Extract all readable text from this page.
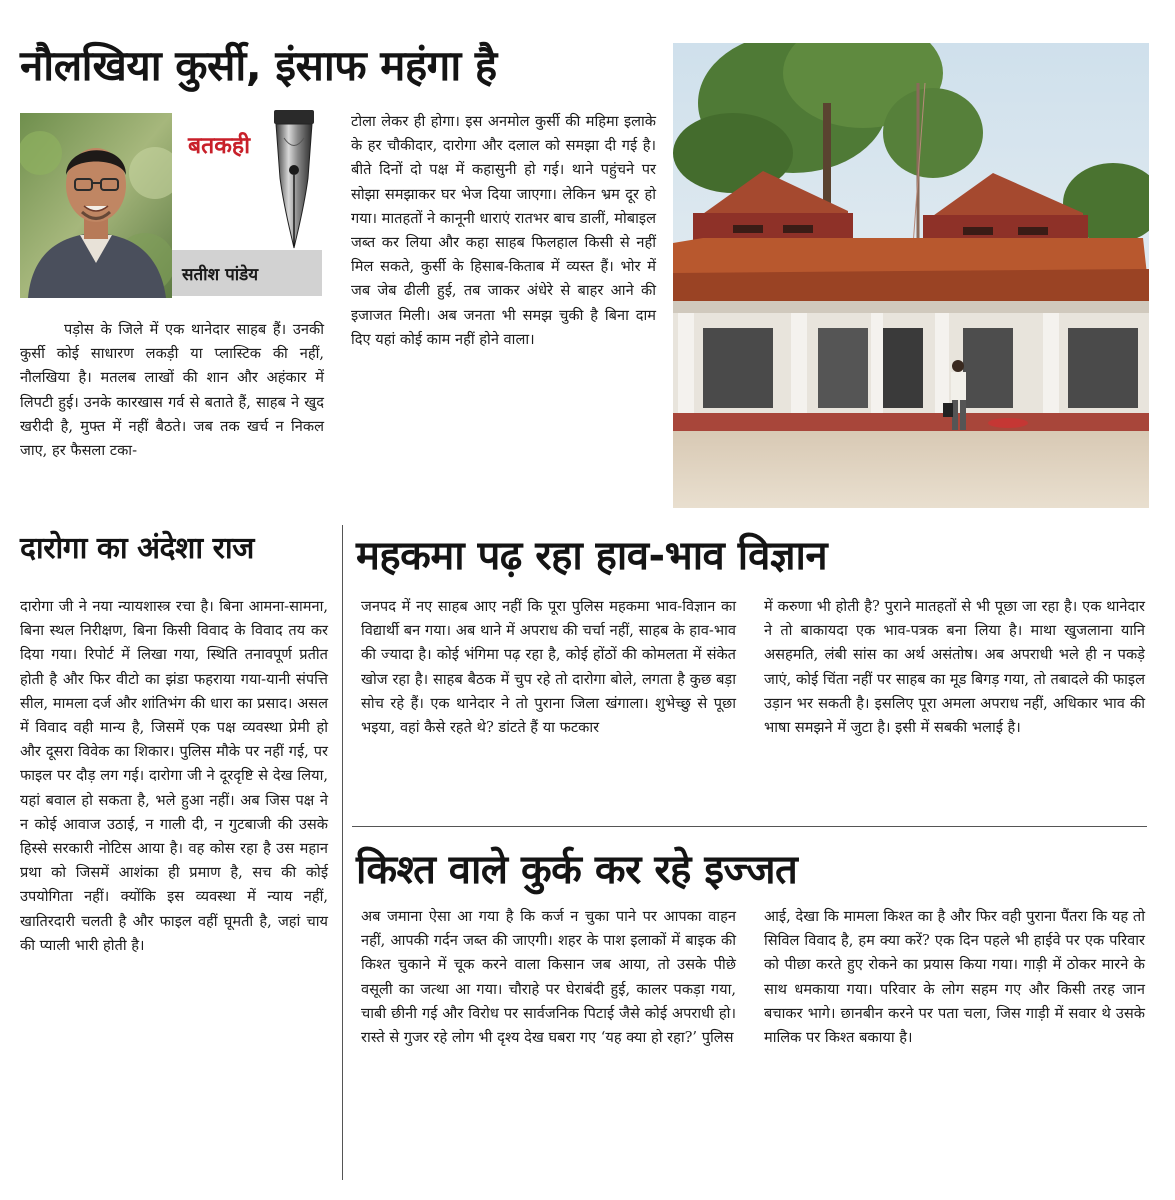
नौलखिया कुर्सी, इंसाफ महंगा है
बतकही
सतीश पांडेय

पड़ोस के जिले में एक थानेदार साहब हैं। उनकी कुर्सी कोई साधारण लकड़ी या प्लास्टिक की नहीं, नौलखिया है। मतलब लाखों की शान और अहंकार में लिपटी हुई। उनके कारखास गर्व से बताते हैं, साहब ने खुद खरीदी है, मुफ्त में नहीं बैठते। जब तक खर्च न निकल जाए, हर फैसला टका-

टोला लेकर ही होगा। इस अनमोल कुर्सी की महिमा इलाके के हर चौकीदार, दारोगा और दलाल को समझा दी गई है। बीते दिनों दो पक्ष में कहासुनी हो गई। थाने पहुंचने पर सोझा समझाकर घर भेज दिया जाएगा। लेकिन भ्रम दूर हो गया। मातहतों ने कानूनी धाराएं रातभर बाच डालीं, मोबाइल जब्त कर लिया और कहा साहब फिलहाल किसी से नहीं मिल सकते, कुर्सी के हिसाब-किताब में व्यस्त हैं। भोर में जब जेब ढीली हुई, तब जाकर अंधेरे से बाहर आने की इजाजत मिली। अब जनता भी समझ चुकी है बिना दाम दिए यहां कोई काम नहीं होने वाला।

दारोगा का अंदेशा राज

दारोगा जी ने नया न्यायशास्त्र रचा है। बिना आमना-सामना, बिना स्थल निरीक्षण, बिना किसी विवाद के विवाद तय कर दिया गया। रिपोर्ट में लिखा गया, स्थिति तनावपूर्ण प्रतीत होती है और फिर वीटो का झंडा फहराया गया-यानी संपत्ति सील, मामला दर्ज और शांतिभंग की धारा का प्रसाद। असल में विवाद वही मान्य है, जिसमें एक पक्ष व्यवस्था प्रेमी हो और दूसरा विवेक का शिकार। पुलिस मौके पर नहीं गई, पर फाइल पर दौड़ लग गई। दारोगा जी ने दूरदृष्टि से देख लिया, यहां बवाल हो सकता है, भले हुआ नहीं। अब जिस पक्ष ने न कोई आवाज उठाई, न गाली दी, न गुटबाजी की उसके हिस्से सरकारी नोटिस आया है। वह कोस रहा है उस महान प्रथा को जिसमें आशंका ही प्रमाण है, सच की कोई उपयोगिता नहीं। क्योंकि इस व्यवस्था में न्याय नहीं, खातिरदारी चलती है और फाइल वहीं घूमती है, जहां चाय की प्याली भारी होती है।

महकमा पढ़ रहा हाव-भाव विज्ञान

जनपद में नए साहब आए नहीं कि पूरा पुलिस महकमा भाव-विज्ञान का विद्यार्थी बन गया। अब थाने में अपराध की चर्चा नहीं, साहब के हाव-भाव की ज्यादा है। कोई भंगिमा पढ़ रहा है, कोई होंठों की कोमलता में संकेत खोज रहा है। साहब बैठक में चुप रहे तो दारोगा बोले, लगता है कुछ बड़ा सोच रहे हैं। एक थानेदार ने तो पुराना जिला खंगाला। शुभेच्छु से पूछा भइया, वहां कैसे रहते थे? डांटते हैं या फटकार

में करुणा भी होती है? पुराने मातहतों से भी पूछा जा रहा है। एक थानेदार ने तो बाकायदा एक भाव-पत्रक बना लिया है। माथा खुजलाना यानि असहमति, लंबी सांस का अर्थ असंतोष। अब अपराधी भले ही न पकड़े जाएं, कोई चिंता नहीं पर साहब का मूड बिगड़ गया, तो तबादले की फाइल उड़ान भर सकती है। इसलिए पूरा अमला अपराध नहीं, अधिकार भाव की भाषा समझने में जुटा है। इसी में सबकी भलाई है।

किश्त वाले कुर्क कर रहे इज्जत

अब जमाना ऐसा आ गया है कि कर्ज न चुका पाने पर आपका वाहन नहीं, आपकी गर्दन जब्त की जाएगी। शहर के पाश इलाकों में बाइक की किश्त चुकाने में चूक करने वाला किसान जब आया, तो उसके पीछे वसूली का जत्था आ गया। चौराहे पर घेराबंदी हुई, कालर पकड़ा गया, चाबी छीनी गई और विरोध पर सार्वजनिक पिटाई जैसे कोई अपराधी हो। रास्ते से गुजर रहे लोग भी दृश्य देख घबरा गए ‘यह क्या हो रहा?’ पुलिस

आई, देखा कि मामला किश्त का है और फिर वही पुराना पैंतरा कि यह तो सिविल विवाद है, हम क्या करें? एक दिन पहले भी हाईवे पर एक परिवार को पीछा करते हुए रोकने का प्रयास किया गया। गाड़ी में ठोकर मारने के साथ धमकाया गया। परिवार के लोग सहम गए और किसी तरह जान बचाकर भागे। छानबीन करने पर पता चला, जिस गाड़ी में सवार थे उसके मालिक पर किश्त बकाया है।
